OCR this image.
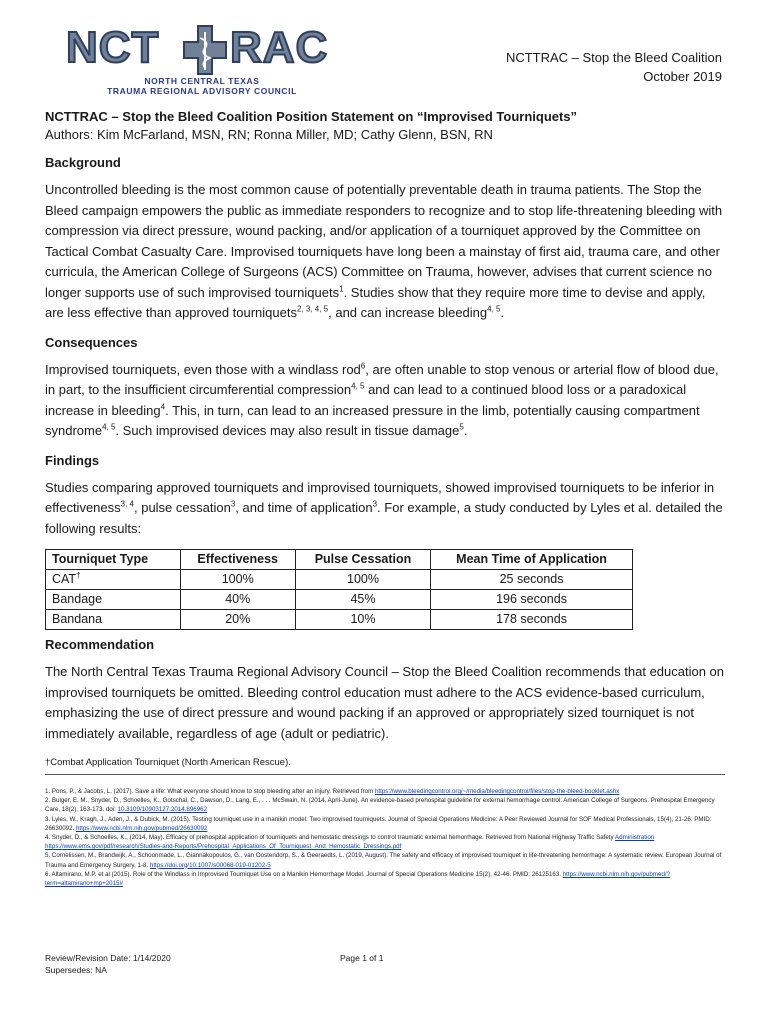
NCT RAC
NORTH CENTRAL TEXAS
TRAUMA REGIONAL ADVISORY COUNCIL
NCTTRAC – Stop the Bleed Coalition
October 2019

NCTTRAC – Stop the Bleed Coalition Position Statement on “Improvised Tourniquets”

Authors: Kim McFarland, MSN, RN; Ronna Miller, MD; Cathy Glenn, BSN, RN

Background

Uncontrolled bleeding is the most common cause of potentially preventable death in trauma patients. The Stop the Bleed campaign empowers the public as immediate responders to recognize and to stop life-threatening bleeding with compression via direct pressure, wound packing, and/or application of a tourniquet approved by the Committee on Tactical Combat Casualty Care. Improvised tourniquets have long been a mainstay of first aid, trauma care, and other curricula, the American College of Surgeons (ACS) Committee on Trauma, however, advises that current science no longer supports use of such improvised tourniquets$^1$. Studies show that they require more time to devise and apply, are less effective than approved tourniquets$^{2, 3, 4, 5}$, and can increase bleeding$^{4, 5}$.

Consequences

Improvised tourniquets, even those with a windlass rod$^6$, are often unable to stop venous or arterial flow of blood due, in part, to the insufficient circumferential compression$^{4, 5}$ and can lead to a continued blood loss or a paradoxical increase in bleeding$^4$. This, in turn, can lead to an increased pressure in the limb, potentially causing compartment syndrome$^{4, 5}$. Such improvised devices may also result in tissue damage$^5$.

Findings

Studies comparing approved tourniquets and improvised tourniquets, showed improvised tourniquets to be inferior in effectiveness$^{3, 4}$, pulse cessation$^3$, and time of application$^3$. For example, a study conducted by Lyles et al. detailed the following results:

Tourniquet Type	Effectiveness	Pulse Cessation	Mean Time of Application
CAT†	100%	100%	25 seconds
Bandage	40%	45%	196 seconds
Bandana	20%	10%	178 seconds

Recommendation

The North Central Texas Trauma Regional Advisory Council – Stop the Bleed Coalition recommends that education on improvised tourniquets be omitted. Bleeding control education must adhere to the ACS evidence-based curriculum, emphasizing the use of direct pressure and wound packing if an approved or appropriately sized tourniquet is not immediately available, regardless of age (adult or pediatric).

†Combat Application Tourniquet (North American Rescue).

1. Pons, P., & Jacobs, L. (2017). Save a life: What everyone should know to stop bleeding after an injury. Retrieved from https://www.bleedingcontrol.org/~/media/bleedingcontrol/files/stop-the-bleed-booklet.ashx

2. Bulger, E. M., Snyder, D., Schoelles, K., Gotschal, C., Dawson, D., Lang, E., . . . McSwain, N. (2014, April-June). An evidence-based prehospital guideline for external hemorrhage control: American College of Surgeons. Prehospital Emergency Care, 18(2), 163-173. doi: 10.3109/10903127.2014.896962

3. Lyles, W., Kragh, J., Aden, J., & Dubick, M. (2015). Testing tourniquet use in a manikin model: Two improvised tourniquets. Journal of Special Operations Medicine: A Peer Reviewed Journal for SOF Medical Professionals, 15(4), 21-26. PMID: 26630092. https://www.ncbi.nlm.nih.gov/pubmed/26630092

4. Snyder, D., & Schoelles, K., (2014, May). Efficacy of prehospital application of tourniquets and hemostatic dressings to control traumatic external hemorrhage. Retrieved from National Highway Traffic Safety Administration https://www.ems.gov/pdf/research/Studies-and-Reports/Prehospital_Applications_Of_Tourniquest_And_Hemostatic_Dressings.pdf

5. Cornelissen, M., Brandwijk, A., Schoonmade, L., Giannakopoulos, G., van Oostendorp, S., & Geeraedts, L. (2019, August). The safety and efficacy of improvised tourniquet in life-threatening hemorrhage: A systematic review. European Journal of Trauma and Emergency Surgery, 1-8. https://doi.org/10.1007/s00068-019-01202-5

6. Altamirano, M.P. et al (2015). Role of the Windlass in Improvised Tourniquet Use on a Manikin Hemorrhage Model. Journal of Special Operations Medicine 15(2), 42-46. PMID: 26125163. https://www.ncbi.nlm.nih.gov/pubmed/?term=altamirano+mp+2015#

Review/Revision Date: 1/14/2020
Supersedes: NA
Page 1 of 1
